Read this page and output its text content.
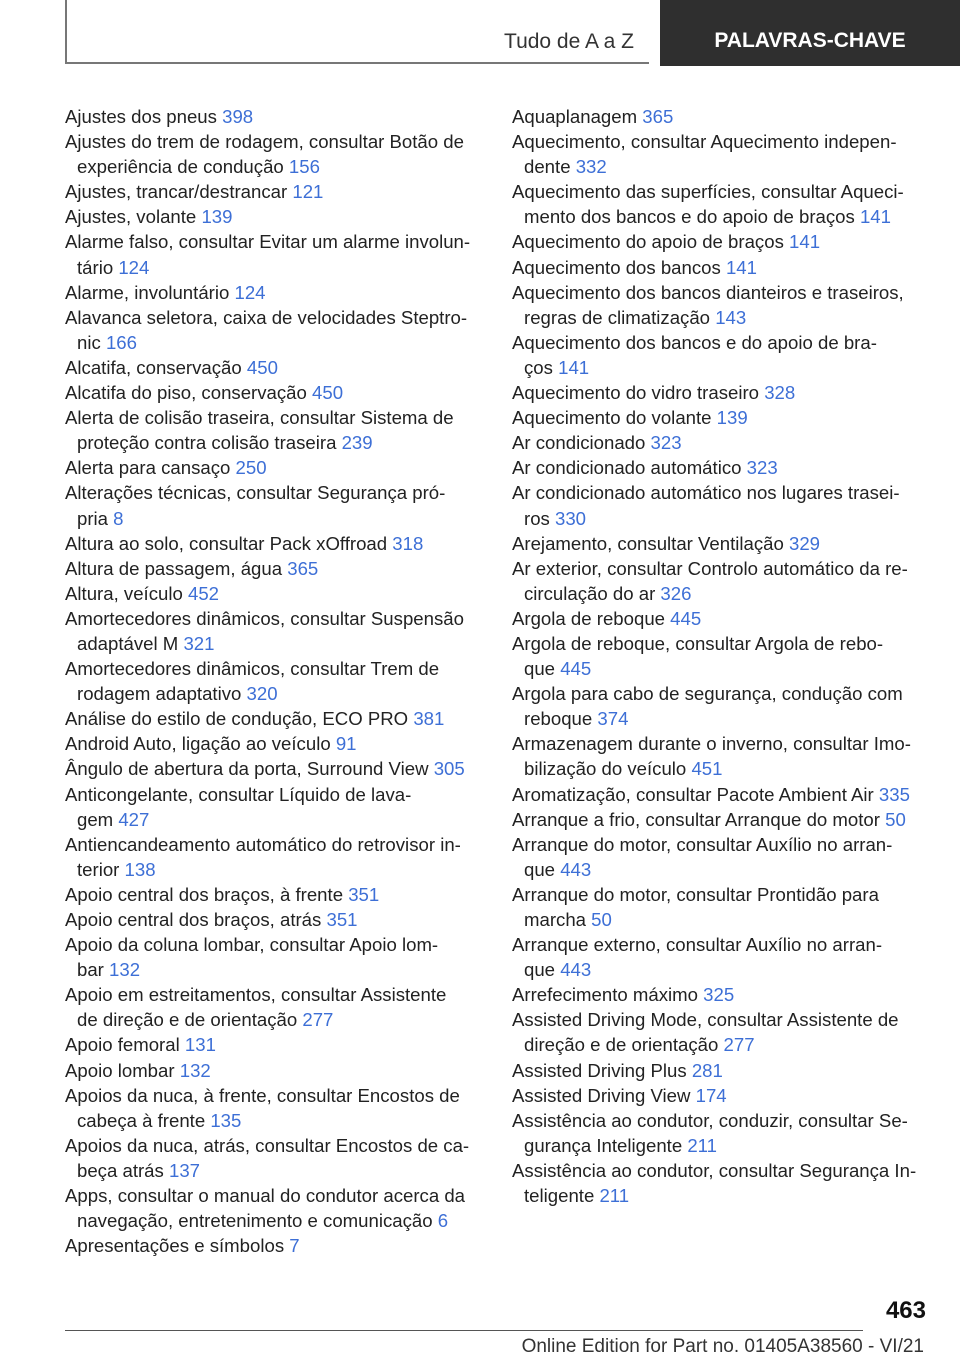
Tudo de A a Z	PALAVRAS-CHAVE
Ajustes dos pneus 398
Ajustes do trem de rodagem, consultar Botão de
experiência de condução 156
Ajustes, trancar/destrancar 121
Ajustes, volante 139
Alarme falso, consultar Evitar um alarme involun‐
tário 124
Alarme, involuntário 124
Alavanca seletora, caixa de velocidades Steptro‐
nic 166
Alcatifa, conservação 450
Alcatifa do piso, conservação 450
Alerta de colisão traseira, consultar Sistema de
proteção contra colisão traseira 239
Alerta para cansaço 250
Alterações técnicas, consultar Segurança pró‐
pria 8
Altura ao solo, consultar Pack xOffroad 318
Altura de passagem, água 365
Altura, veículo 452
Amortecedores dinâmicos, consultar Suspensão
adaptável M 321
Amortecedores dinâmicos, consultar Trem de
rodagem adaptativo 320
Análise do estilo de condução, ECO PRO 381
Android Auto, ligação ao veículo 91
Ângulo de abertura da porta, Surround View 305
Anticongelante, consultar Líquido de lava‐
gem 427
Antiencandeamento automático do retrovisor in‐
terior 138
Apoio central dos braços, à frente 351
Apoio central dos braços, atrás 351
Apoio da coluna lombar, consultar Apoio lom‐
bar 132
Apoio em estreitamentos, consultar Assistente
de direção e de orientação 277
Apoio femoral 131
Apoio lombar 132
Apoios da nuca, à frente, consultar Encostos de
cabeça à frente 135
Apoios da nuca, atrás, consultar Encostos de ca‐
beça atrás 137
Apps, consultar o manual do condutor acerca da
navegação, entretenimento e comunicação 6
Apresentações e símbolos 7
Aquaplanagem 365
Aquecimento, consultar Aquecimento indepen‐
dente 332
Aquecimento das superfícies, consultar Aqueci‐
mento dos bancos e do apoio de braços 141
Aquecimento do apoio de braços 141
Aquecimento dos bancos 141
Aquecimento dos bancos dianteiros e traseiros,
regras de climatização 143
Aquecimento dos bancos e do apoio de bra‐
ços 141
Aquecimento do vidro traseiro 328
Aquecimento do volante 139
Ar condicionado 323
Ar condicionado automático 323
Ar condicionado automático nos lugares trasei‐
ros 330
Arejamento, consultar Ventilação 329
Ar exterior, consultar Controlo automático da re‐
circulação do ar 326
Argola de reboque 445
Argola de reboque, consultar Argola de rebo‐
que 445
Argola para cabo de segurança, condução com
reboque 374
Armazenagem durante o inverno, consultar Imo‐
bilização do veículo 451
Aromatização, consultar Pacote Ambient Air 335
Arranque a frio, consultar Arranque do motor 50
Arranque do motor, consultar Auxílio no arran‐
que 443
Arranque do motor, consultar Prontidão para
marcha 50
Arranque externo, consultar Auxílio no arran‐
que 443
Arrefecimento máximo 325
Assisted Driving Mode, consultar Assistente de
direção e de orientação 277
Assisted Driving Plus 281
Assisted Driving View 174
Assistência ao condutor, conduzir, consultar Se‐
gurança Inteligente 211
Assistência ao condutor, consultar Segurança In‐
teligente 211
463
Online Edition for Part no. 01405A38560 - VI/21
